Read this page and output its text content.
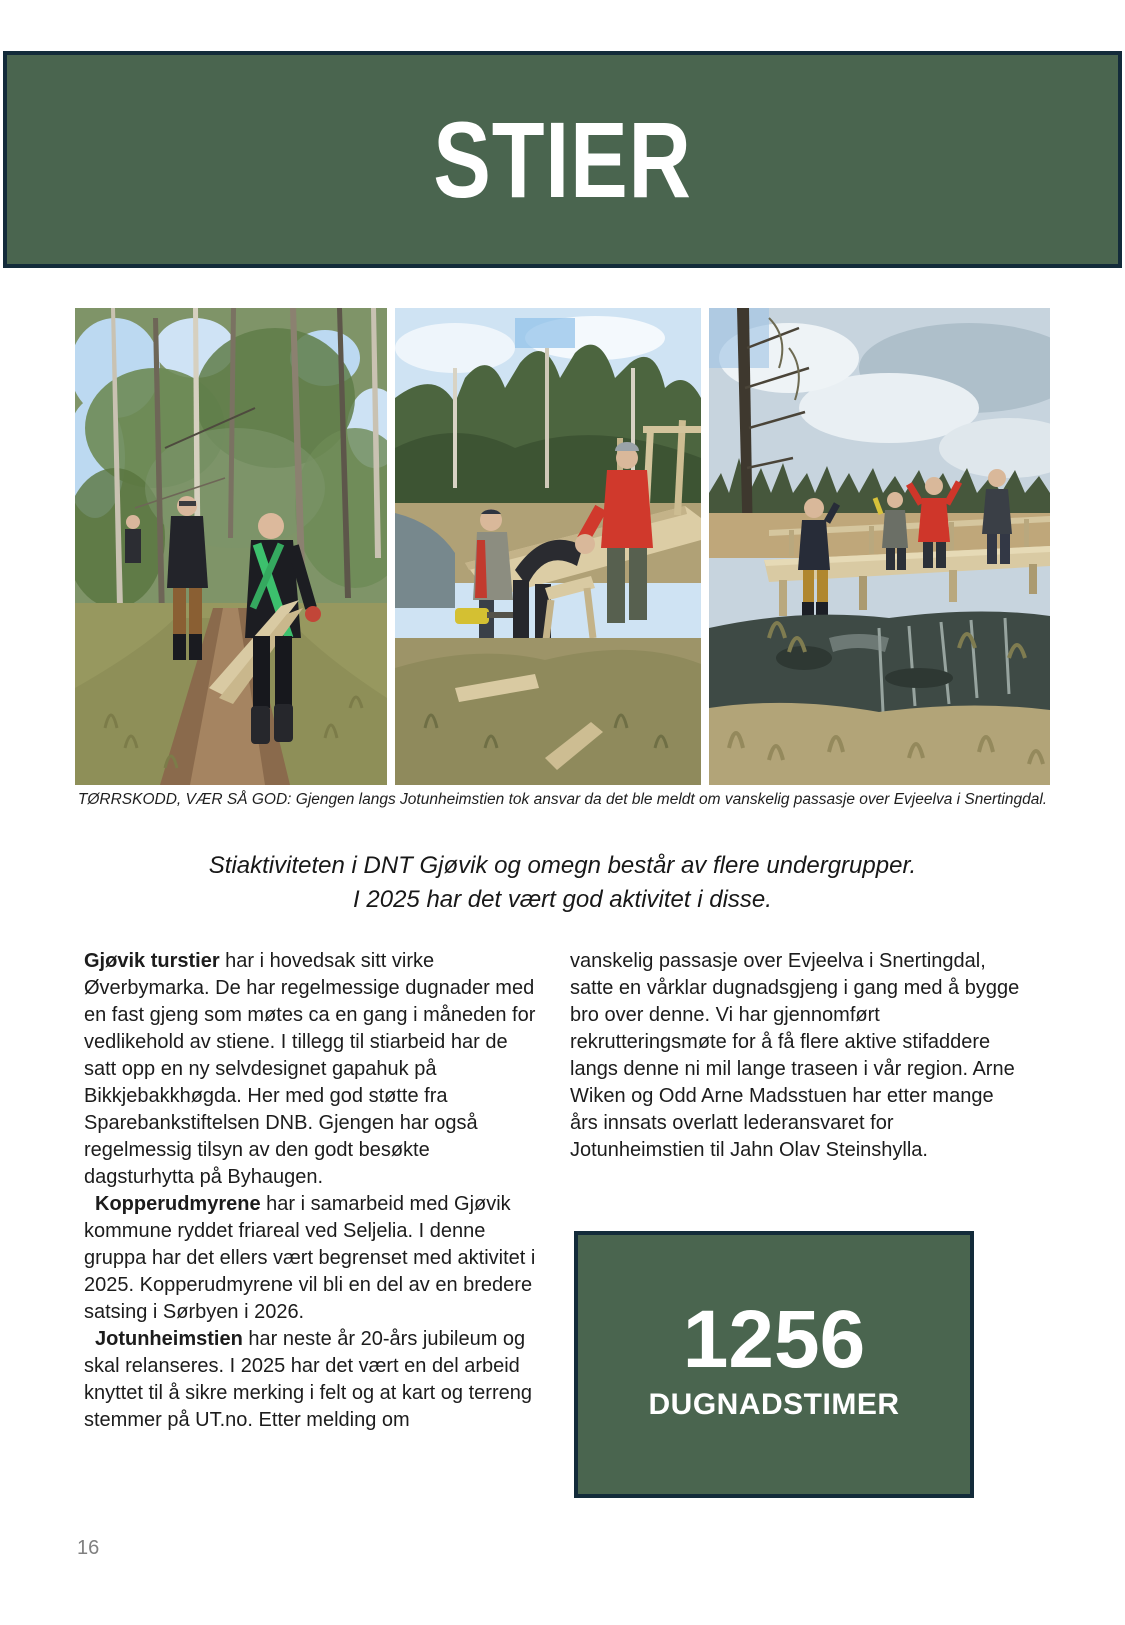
STIER
TØRRSKODD, VÆR SÅ GOD: Gjengen langs Jotunheimstien tok ansvar da det ble meldt om vanskelig passasje over Evjeelva i Snertingdal.
Stiaktiviteten i DNT Gjøvik og omegn består av flere undergrupper.
I 2025 har det vært god aktivitet i disse.

Gjøvik turstier har i hovedsak sitt virke Øverbymarka. De har regelmessige dugnader med en fast gjeng som møtes ca en gang i måneden for vedlikehold av stiene. I tillegg til stiarbeid har de satt opp en ny selvdesignet gapahuk på Bikkjebakkhøgda. Her med god støtte fra Sparebankstiftelsen DNB. Gjengen har også regelmessig tilsyn av den godt besøkte dagsturhytta på Byhaugen.

Kopperudmyrene har i samarbeid med Gjøvik kommune ryddet friareal ved Seljelia. I denne gruppa har det ellers vært begrenset med aktivitet i 2025. Kopperudmyrene vil bli en del av en bredere satsing i Sørbyen i 2026.

Jotunheimstien har neste år 20-års jubileum og skal relanseres. I 2025 har det vært en del arbeid knyttet til å sikre merking i felt og at kart og terreng stemmer på UT.no. Etter melding om

vanskelig passasje over Evjeelva i Snertingdal, satte en vårklar dugnadsgjeng i gang med å bygge bro over denne. Vi har gjennomført rekrutteringsmøte for å få flere aktive stifaddere langs denne ni mil lange traseen i vår region. Arne Wiken og Odd Arne Madsstuen har etter mange års innsats overlatt lederansvaret for Jotunheimstien til Jahn Olav Steinshylla.

1256
DUGNADSTIMER
16
